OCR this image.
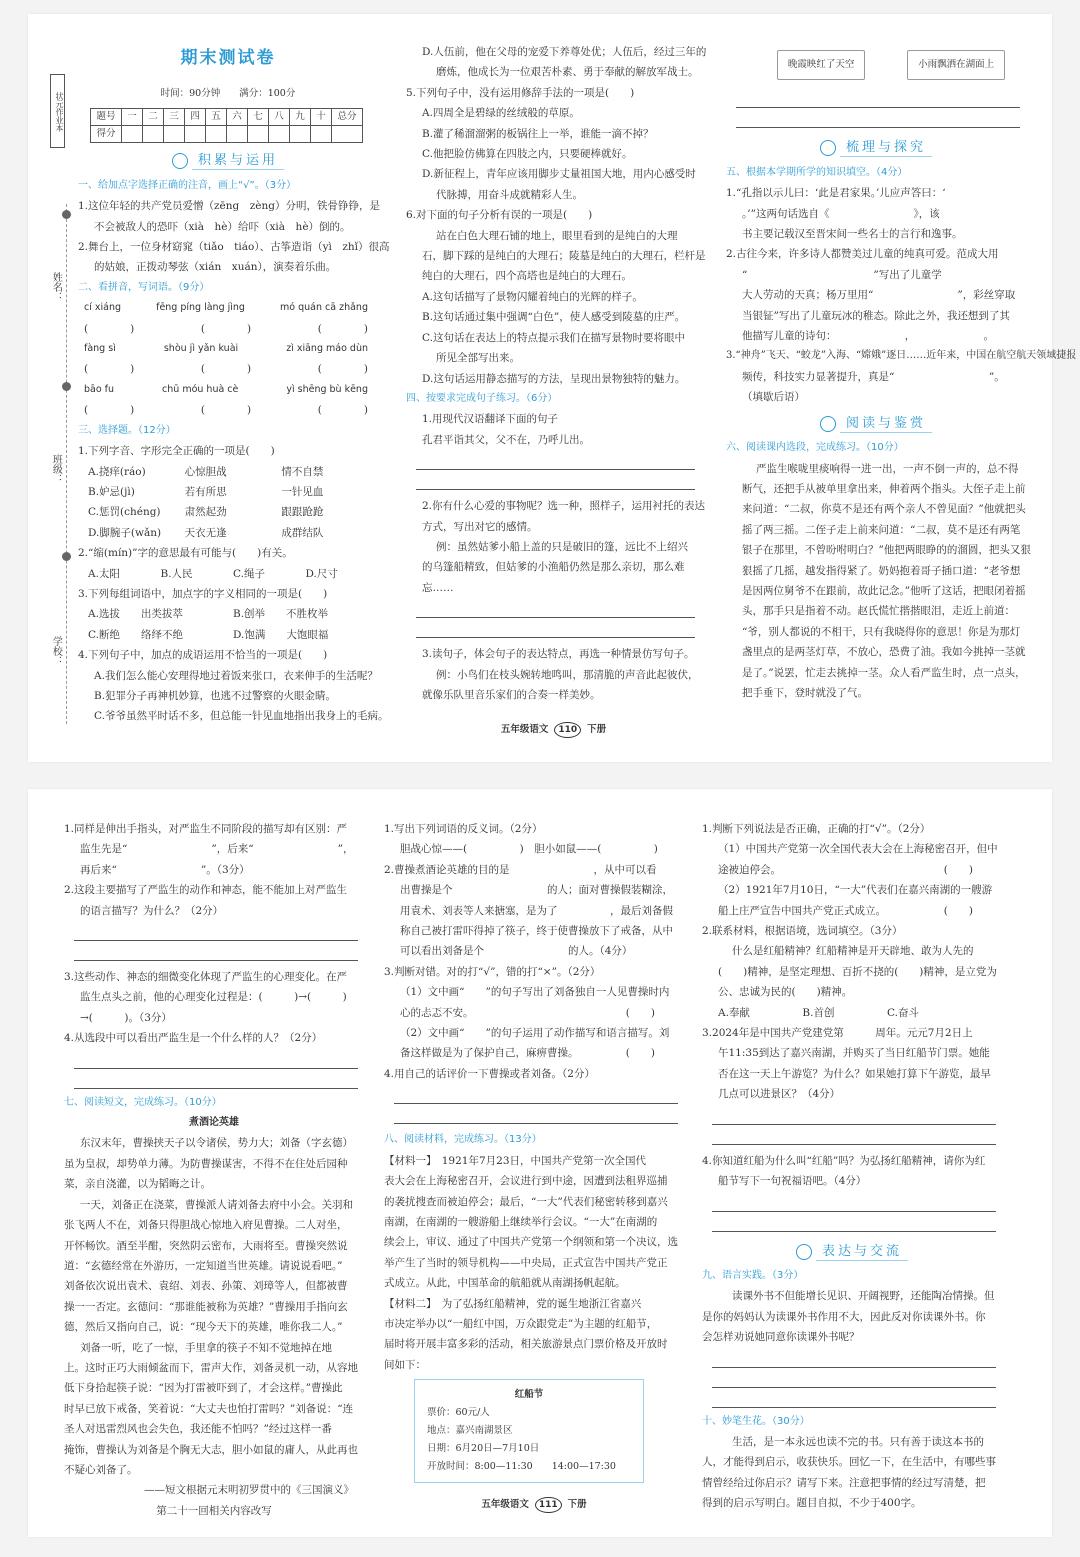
状元作业本
姓名：
班级：
学校：
期末测试卷
时间：90分钟　　满分：100分
题号	一	二	三	四	五	六	七	八	九	十	总分
得分											
积累与运用
一、给加点字选择正确的注音，画上“√”。（3分）
1.这位年轻的共产党员爱憎（zēng　zèng）分明，铁骨铮铮，是
不会被敌人的恐吓（xià　hè）给吓（xià　hè）倒的。
2.舞台上，一位身材窈窕（tiǎo　tiáo）、古筝造诣（yì　zhǐ）很高
的姑娘，正拨动琴弦（xián　xuán），演奏着乐曲。
二、看拼音，写词语。（9分）
cí xiáng	fēng píng làng jìng	mó quán cā zhǎng
(　　　　)	(　　　　)	(　　　　)
fàng sì	shòu jì yǎn kuài	zì xiāng máo dùn
(　　　　)	(　　　　)	(　　　　)
bāo fu	chū móu huà cè	yì shēng bù kēng
(　　　　)	(　　　　)	(　　　　)
三、选择题。（12分）
1.下列字音、字形完全正确的一项是(　　)
A.挠痒(ráo)	心惊胆战	情不自禁
B.妒忌(jì)	若有所思	一针见血
C.惩罚(chéng)	肃然起劲	跟跟跄跄
D.脚腕子(wǎn)	天衣无逢	成群结队
2.“缩(mín)”字的意思最有可能与(　　)有关。
A.太阳	B.人民	C.绳子	D.尺寸
3.下列每组词语中，加点字的字义相同的一项是(　　)
A.选拔　　出类拔萃	B.创举　　不胜枚举
C.断绝　　络绎不绝	D.饱满　　大饱眼福
4.下列句子中，加点的成语运用不恰当的一项是(　　)
A.我们怎么能心安理得地过着饭来张口，衣来伸手的生活呢？
B.犯罪分子再神机妙算，也逃不过警察的火眼金睛。
C.爷爷虽然平时话不多，但总能一针见血地指出我身上的毛病。
D.人伍前，他在父母的宠爱下养尊处优；人伍后，经过三年的
磨炼，他成长为一位艰苦朴素、勇于奉献的解放军战士。
5.下列句子中，没有运用修辞手法的一项是(　　)
A.四周全是碧绿的丝绒般的草原。
B.灌了稀溜溜粥的板锅往上一举，谁能一滴不掉？
C.他把脸仿佛算在四肢之内，只要硬棒就好。
D.新征程上，青年应该用脚步丈量祖国大地，用内心感受时
代脉搏，用奋斗成就精彩人生。
6.对下面的句子分析有误的一项是(　　)
站在白色大理石铺的地上，眼里看到的是纯白的大理
石，脚下踩的是纯白的大理石；陵墓是纯白的大理石，栏杆是
纯白的大理石，四个高塔也是纯白的大理石。
A.这句话描写了景物闪耀着纯白的光辉的样子。
B.这句话通过集中强调“白色”，使人感受到陵墓的庄严。
C.这句话在表达上的特点提示我们在描写景物时要将眼中
所见全部写出来。
D.这句话运用静态描写的方法，呈现出景物独特的魅力。
四、按要求完成句子练习。（6分）
1.用现代汉语翻译下面的句子
孔君平诣其父，父不在，乃呼儿出。
2.你有什么心爱的事物呢？选一种，照样子，运用衬托的表达
方式，写出对它的感情。
例：虽然姑爹小船上盖的只是破旧的篷，远比不上绍兴
的乌篷船精致，但姑爹的小渔船仍然是那么亲切，那么难
忘……
3.读句子，体会句子的表达特点，再选一种情景仿写句子。
例：小鸟们在枝头婉转地鸣叫，那清脆的声音此起彼伏，
就像乐队里音乐家们的合奏一样美妙。
五年级语文 110 下册
晚霞映红了天空	小雨飘洒在湖面上
梳理与探究
五、根据本学期所学的知识填空。（4分）
1.“孔指以示儿曰：‘此是君家果。’儿应声答曰：‘
。’”这两句话选自《　　　　　　　　》，该
书主要记载汉至晋宋间一些名士的言行和逸事。
2.古往今来，许多诗人都赞美过儿童的纯真可爱。范成大用
“　　　　　　　　　　　　”写出了儿童学
大人劳动的天真；杨万里用“　　　　　　　　”，彩丝穿取
当银钲”写出了儿童玩冰的稚态。除此之外，我还想到了其
他描写儿童的诗句：　　　　　　　，　　　　　　　。
3.“神舟”飞天、“蛟龙”入海、“嫦娥”逐日……近年来，中国在航空航天领域捷报
频传，科技实力显著提升，真是“　　　　　　　　　”。
（填歇后语）
阅读与鉴赏
六、阅读课内选段，完成练习。（10分）
严监生喉咙里痰响得一进一出，一声不倒一声的，总不得
断气，还把手从被单里拿出来，伸着两个指头。大侄子走上前
来问道：“二叔，你莫不是还有两个亲人不曾见面？”他就把头
摇了两三摇。二侄子走上前来问道：“二叔，莫不是还有两笔
银子在那里，不曾吩咐明白？”他把两眼睁的的溜圆，把头又狠
狠摇了几摇，越发指得紧了。奶妈抱着哥子插口道：“老爷想
是因两位舅爷不在跟前，故此记念。”他听了这话，把眼闭着摇
头，那手只是指着不动。赵氏慌忙揩揩眼泪，走近上前道：
“爷，别人都说的不相干，只有我晓得你的意思！你是为那灯
盏里点的是两茎灯草，不放心，恐费了油。我如今挑掉一茎就
是了。”说罢，忙走去挑掉一茎。众人看严监生时，点一点头，
把手垂下，登时就没了气。
1.同样是伸出手指头，对严监生不同阶段的描写却有区别：严
监生先是“　　　　　　　　”，后来“　　　　　　　　”，
再后来“　　　　　　　　”。（3分）
2.这段主要描写了严监生的动作和神态，能不能加上对严监生
的语言描写？为什么？（2分）
3.这些动作、神态的细微变化体现了严监生的心理变化。在严
监生点头之前，他的心理变化过程是：(　　　)→(　　　)
→(　　　)。（3分）
4.从选段中可以看出严监生是一个什么样的人？（2分）
七、阅读短文，完成练习。（10分）
煮酒论英雄
东汉末年，曹操挟天子以令诸侯，势力大；刘备（字玄德）
虽为皇叔，却势单力薄。为防曹操谋害，不得不在住处后园种
菜，亲自浇灌，以为韬晦之计。
一天，刘备正在浇菜，曹操派人请刘备去府中小会。关羽和
张飞两人不在，刘备只得胆战心惊地入府见曹操。二人对坐，
开怀畅饮。酒至半酣，突然阴云密布，大雨将至。曹操突然说
道：“玄德经常在外游历，一定知道当世英雄。请说说看吧。”
刘备依次说出袁术、袁绍、刘表、孙策、刘璋等人，但都被曹
操一一否定。玄德问：“那谁能被称为英雄？”曹操用手指向玄
德，然后又指向自己，说：“现今天下的英雄，唯你我二人。”
刘备一听，吃了一惊，手里拿的筷子不知不觉地掉在地
上。这时正巧大雨倾盆而下，雷声大作，刘备灵机一动，从容地
低下身拾起筷子说：“因为打雷被吓到了，才会这样。”曹操此
时早已放下戒备，笑着说：“大丈夫也怕打雷吗？”刘备说：“连
圣人对迅雷烈风也会失色，我还能不怕吗？”经过这样一番
掩饰，曹操认为刘备是个胸无大志，胆小如鼠的庸人，从此再也
不疑心刘备了。
——短文根据元末明初罗贯中的《三国演义》
第二十一回相关内容改写
1.写出下列词语的反义词。（2分）
胆战心惊——(　　　　　)　胆小如鼠——(　　　　　)
2.曹操煮酒论英雄的目的是　　　　　　　　，从中可以看
出曹操是个　　　　　　　　　的人；面对曹操假装糊涂，
用袁术、刘表等人来搪塞，是为了　　　　　，最后刘备假
称自己被打雷吓得掉了筷子，终于使曹操放下了戒备，从中
可以看出刘备是个　　　　　　　　的人。（4分）
3.判断对错。对的打“√”，错的打“×”。（2分）
（1）文中画“　　”的句子写出了刘备独自一人见曹操时内
心的忐忑不安。　　　　　　　　　　　　　　　(　　)
（2）文中画“　　”的句子运用了动作描写和语言描写。刘
备这样做是为了保护自己，麻痹曹操。　　　　　(　　)
4.用自己的话评价一下曹操或者刘备。（2分）
八、阅读材料，完成练习。（13分）
【材料一】　1921年7月23日，中国共产党第一次全国代
表大会在上海秘密召开，会议进行到中途，因遭到法租界巡捕
的袭扰搜查而被迫停会；最后，“一大”代表们秘密转移到嘉兴
南湖，在南湖的一艘游船上继续举行会议。“一大”在南湖的
续会上，审议、通过了中国共产党第一个纲领和第一个决议，选
举产生了当时的领导机构——中央局，正式宣告中国共产党正
式成立。从此，中国革命的航船就从南湖扬帆起航。
【材料二】　为了弘扬红船精神，党的诞生地浙江省嘉兴
市决定举办以“一船红中国，万众跟党走”为主题的红船节，
届时将开展丰富多彩的活动，相关旅游景点门票价格及开放时
间如下：
红船节
票价：60元/人
地点：嘉兴南湖景区
日期：6月20日—7月10日
开放时间：8:00—11:30　　14:00—17:30
五年级语文 111 下册
1.判断下列说法是否正确，正确的打“√”。（2分）
（1）中国共产党第一次全国代表大会在上海秘密召开，但中
途被迫停会。　　　　　　　　　　　　　　　　(　　)
（2）1921年7月10日，“一大”代表们在嘉兴南湖的一艘游
船上庄严宣告中国共产党正式成立。　　　　　　(　　)
2.联系材料，根据语境，选词填空。（3分）
什么是红船精神？红船精神是开天辟地、敢为人先的
(　　)精神，是坚定理想、百折不挠的(　　)精神，是立党为
公、忠诚为民的(　　)精神。
A.奉献　　　　　B.首创　　　　　C.奋斗
3.2024年是中国共产党建党第　　　周年。元元7月2日上
午11:35到达了嘉兴南湖，并购买了当日红船节门票。她能
否在这一天上午游览？为什么？如果她打算下午游览，最早
几点可以进景区？（4分）
4.你知道红船为什么叫“红船”吗？为弘扬红船精神，请你为红
船节写下一句祝福语吧。（4分）
表达与交流
九、语言实践。（3分）
读课外书不但能增长见识、开阔视野，还能陶冶情操。但
是你的妈妈认为读课外书作用不大，因此反对你读课外书。你
会怎样劝说她同意你读课外书呢？
十、妙笔生花。（30分）
生活，是一本永远也读不完的书。只有善于读这本书的
人，才能得到启示，收获快乐。回忆一下，在生活中，有哪些事
情曾经给过你启示？请写下来。注意把事情的经过写清楚，把
得到的启示写明白。题目自拟，不少于400字。
